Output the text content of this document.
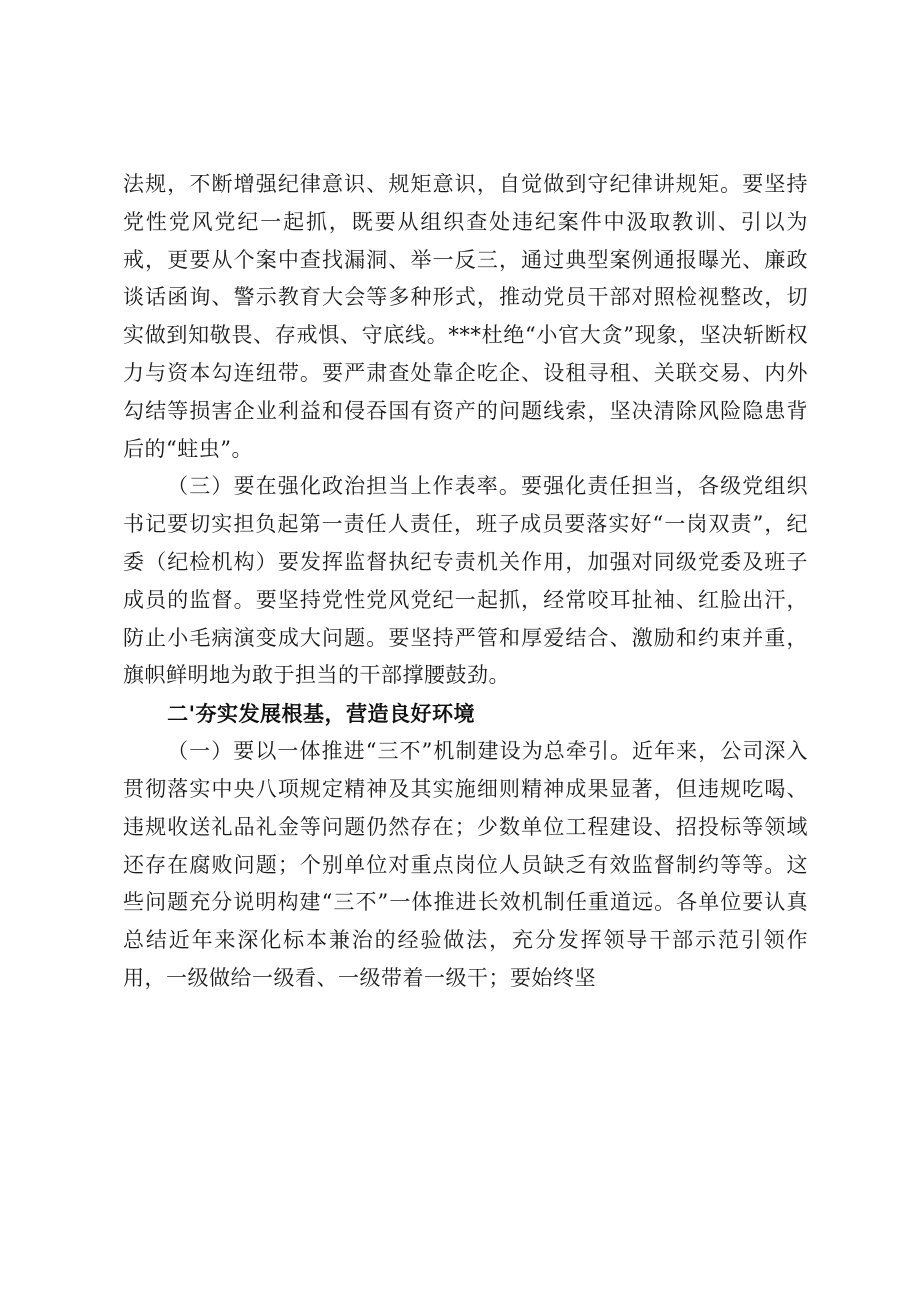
法规，不断增强纪律意识、规矩意识，自觉做到守纪律讲规矩。要坚持党性党风党纪一起抓，既要从组织查处违纪案件中汲取教训、引以为戒，更要从个案中查找漏洞、举一反三，通过典型案例通报曝光、廉政谈话函询、警示教育大会等多种形式，推动党员干部对照检视整改，切实做到知敬畏、存戒惧、守底线。***杜绝“小官大贪”现象，坚决斩断权力与资本勾连纽带。要严肃查处靠企吃企、设租寻租、关联交易、内外勾结等损害企业利益和侵吞国有资产的问题线索，坚决清除风险隐患背后的“蛀虫”。

（三）要在强化政治担当上作表率。要强化责任担当，各级党组织书记要切实担负起第一责任人责任，班子成员要落实好“一岗双责”，纪委（纪检机构）要发挥监督执纪专责机关作用，加强对同级党委及班子成员的监督。要坚持党性党风党纪一起抓，经常咬耳扯袖、红脸出汗，防止小毛病演变成大问题。要坚持严管和厚爱结合、激励和约束并重，旗帜鲜明地为敢于担当的干部撑腰鼓劲。

二'夯实发展根基，营造良好环境

（一）要以一体推进“三不”机制建设为总牵引。近年来，公司深入贯彻落实中央八项规定精神及其实施细则精神成果显著，但违规吃喝、违规收送礼品礼金等问题仍然存在；少数单位工程建设、招投标等领域还存在腐败问题；个别单位对重点岗位人员缺乏有效监督制约等等。这些问题充分说明构建“三不”一体推进长效机制任重道远。各单位要认真总结近年来深化标本兼治的经验做法，充分发挥领导干部示范引领作用，一级做给一级看、一级带着一级干；要始终坚
